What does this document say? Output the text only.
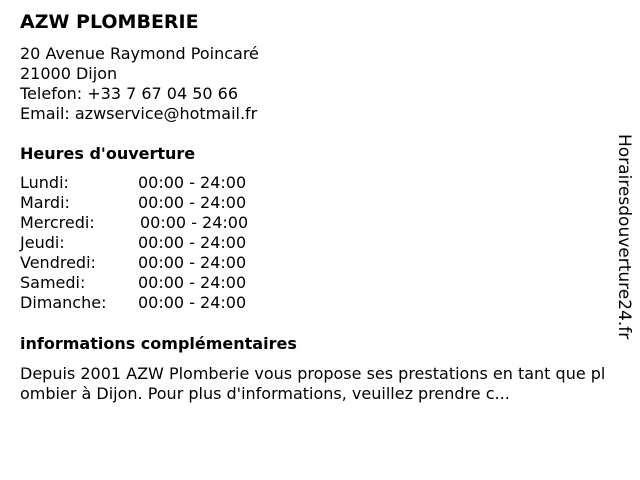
AZW PLOMBERIE
20 Avenue Raymond Poincaré
21000 Dijon
Telefon: +33 7 67 04 50 66
Email: azwservice@hotmail.fr
Heures d'ouverture
Lundi:	00:00 - 24:00
Mardi:	00:00 - 24:00
Mercredi:	00:00 - 24:00
Jeudi:	00:00 - 24:00
Vendredi:	00:00 - 24:00
Samedi:	00:00 - 24:00
Dimanche: 00:00 - 24:00
informations complémentaires

Depuis 2001 AZW Plomberie vous propose ses prestations en tant que plombier à Dijon. Pour plus d'informations, veuillez prendre c...

Horairesdouverture24.fr
